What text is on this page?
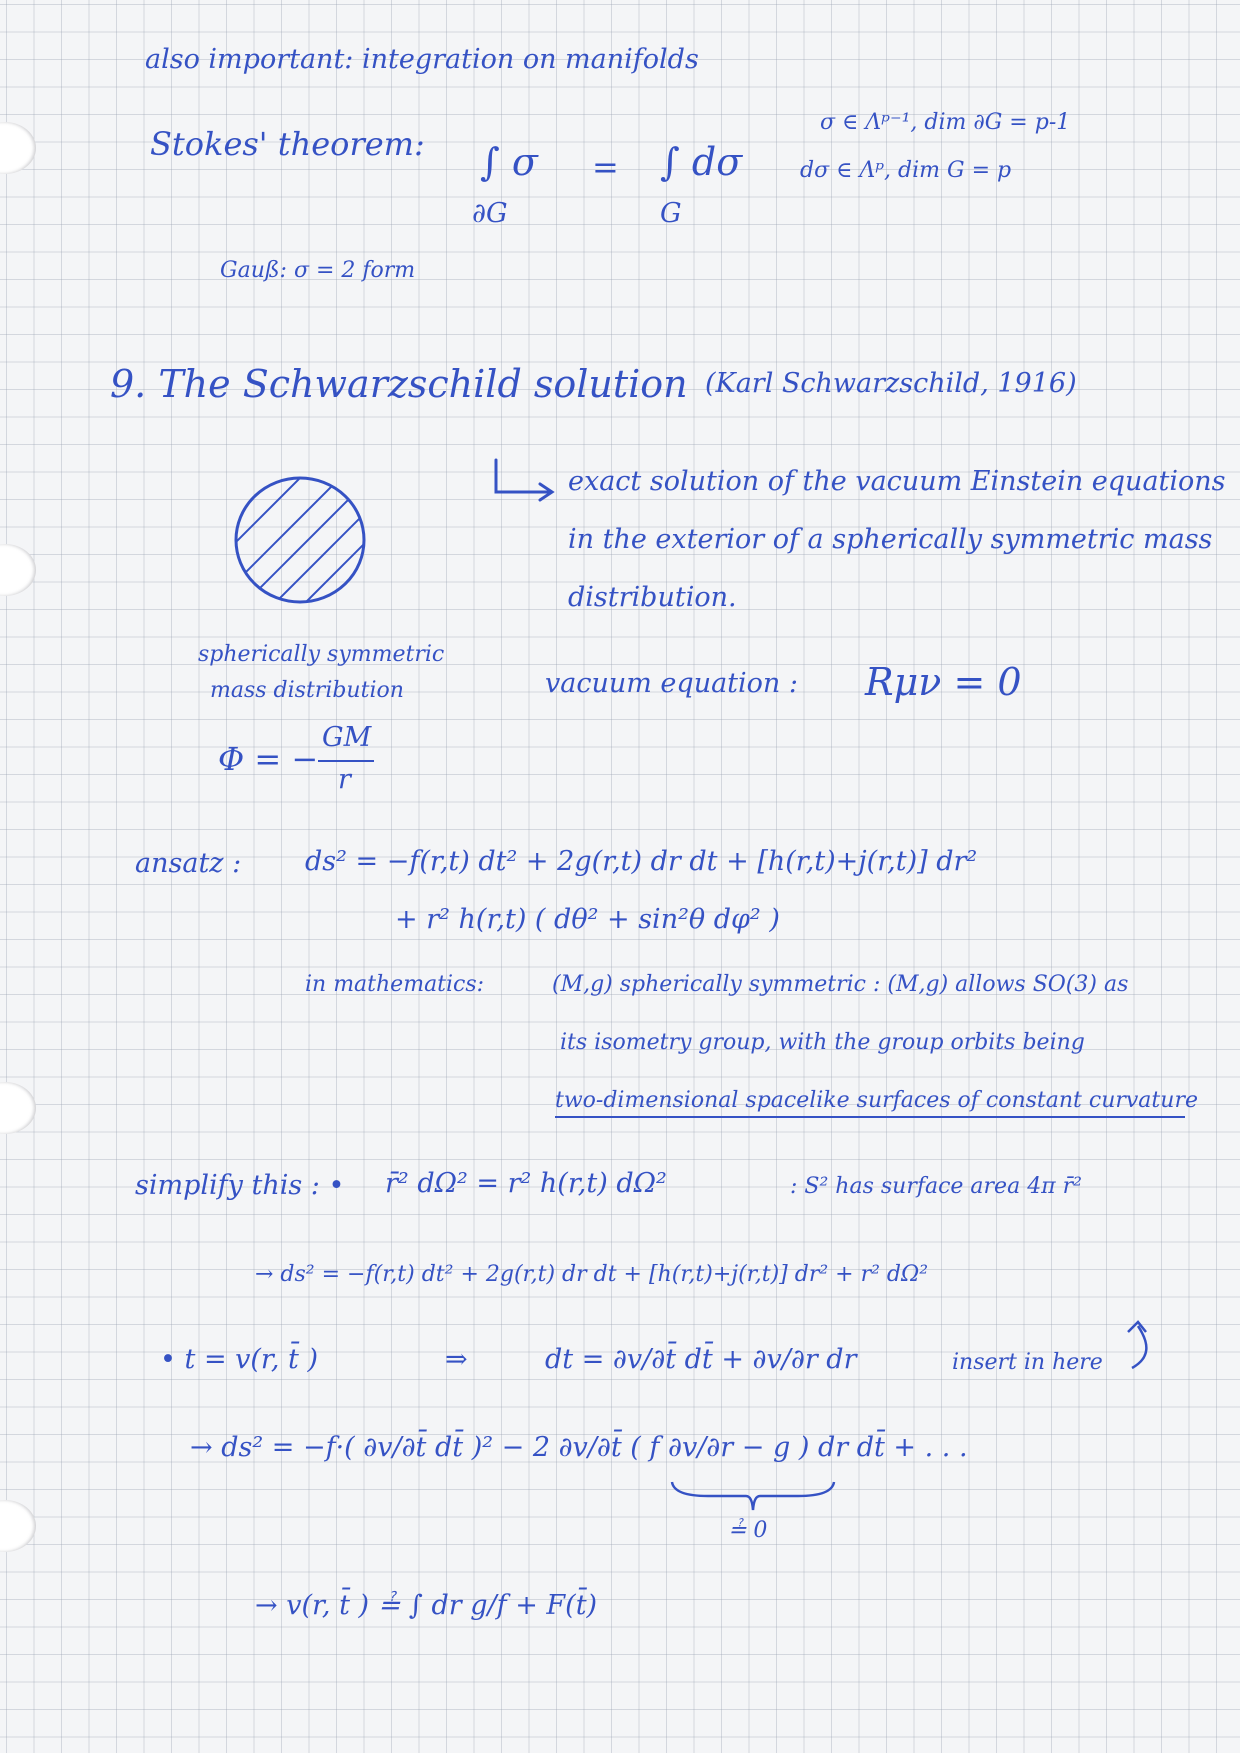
also important: integration on manifolds

Stokes' theorem: ∫ σ

∂G

= ∫ dσ

G

σ ∈ Λᵖ⁻¹, dim ∂G = p-1

dσ ∈ Λᵖ, dim G = p

Gauß: σ = 2 form

9. The Schwarzschild solution (Karl Schwarzschild, 1916)

exact solution of the vacuum Einstein equations

in the exterior of a spherically symmetric mass

distribution.

spherically symmetric

mass distribution

Φ = −

GM

r

vacuum equation : Rμν = 0

ansatz : ds² = −f(r,t) dt² + 2g(r,t) dr dt + [h(r,t)+j(r,t)] dr²

+ r² h(r,t) ( dθ² + sin²θ dφ² )

in mathematics:	(M,g) spherically symmetric : (M,g) allows SO(3) as

its isometry group, with the group orbits being

two-dimensional spacelike surfaces of constant curvature

simplify this : • r̄² dΩ² = r² h(r,t) dΩ²	: S² has surface area 4π r̄²

→ ds² = −f(r,t) dt² + 2g(r,t) dr dt + [h(r,t)+j(r,t)] dr² + r² dΩ²

• t = v(r, t̄ )	⇒	dt = ∂v/∂t̄ dt̄ + ∂v/∂r dr	insert in here

→ ds² = −f·( ∂v/∂t̄ dt̄ )² − 2 ∂v/∂t̄ ( f ∂v/∂r − g ) dr dt̄ + . . .

≟ 0

→ v(r, t̄ ) ≟ ∫ dr g/f + F(t̄)
